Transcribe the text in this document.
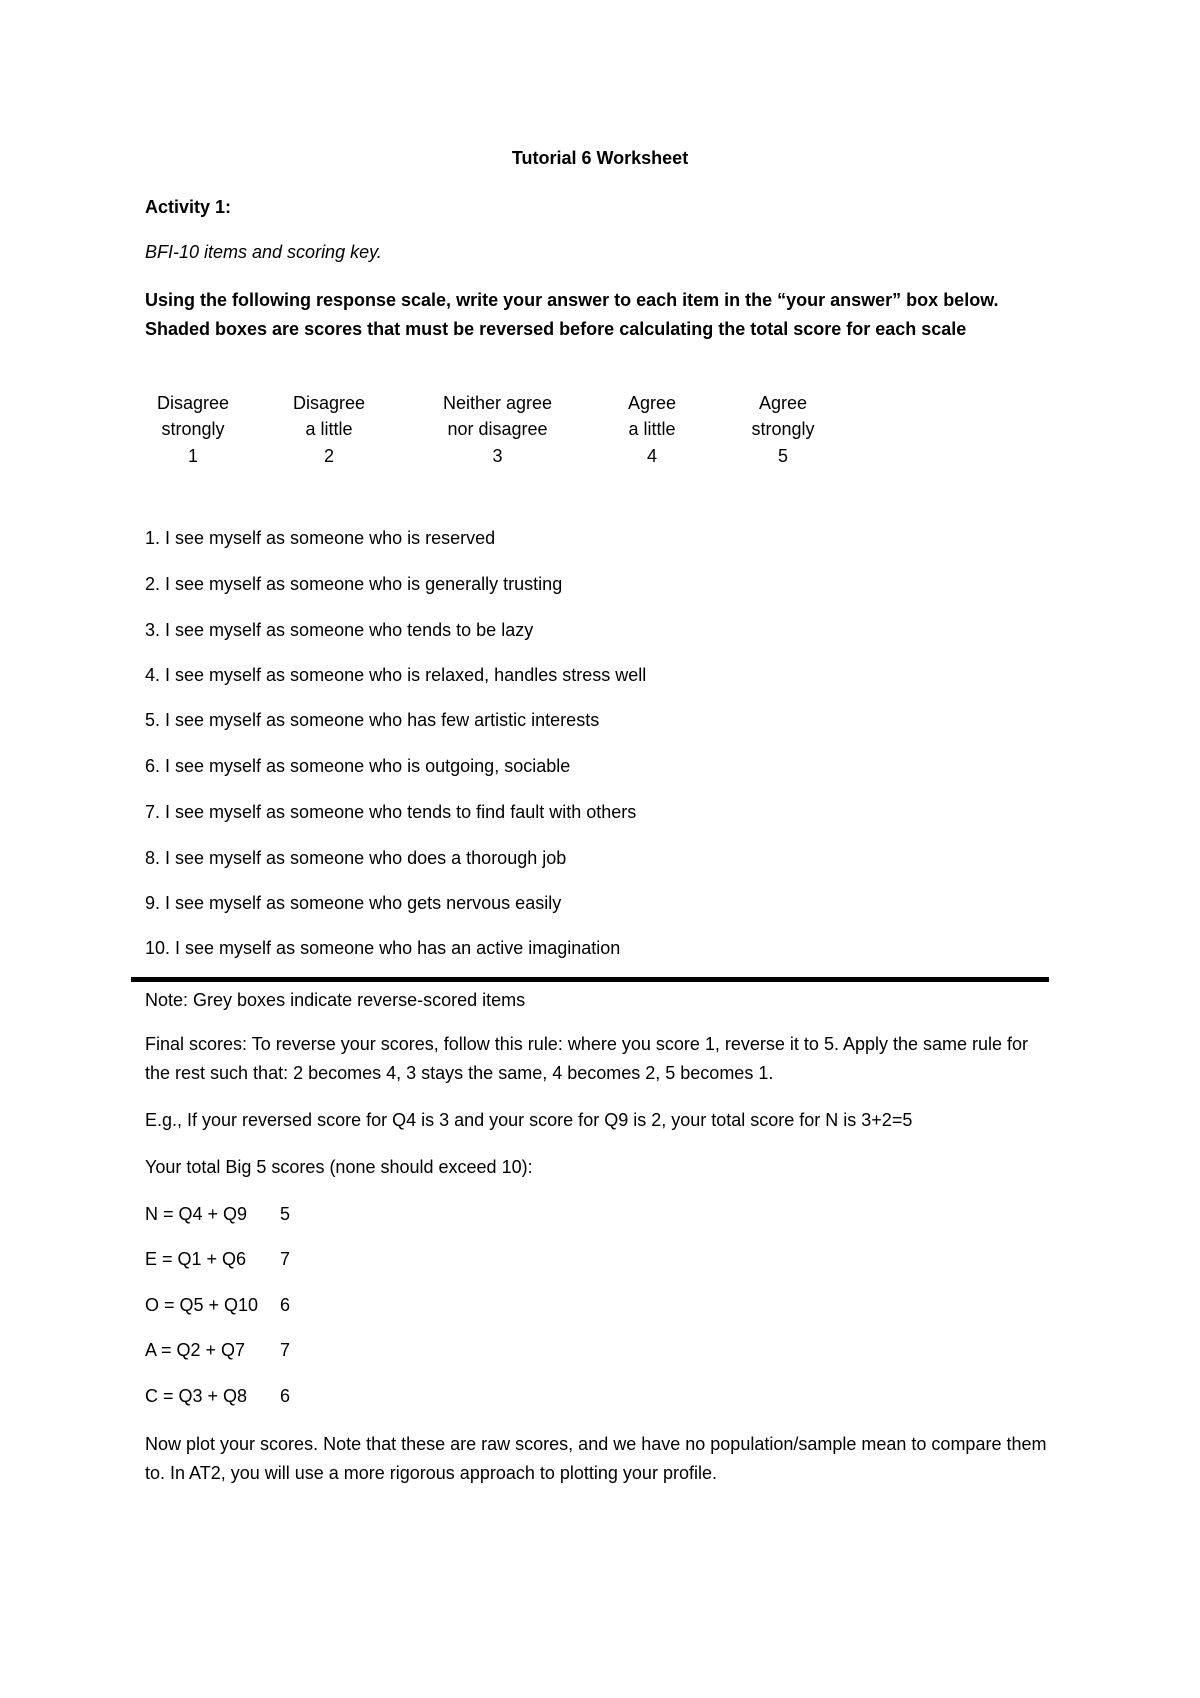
Tutorial 6 Worksheet
Activity 1:
BFI-10 items and scoring key.
Using the following response scale, write your answer to each item in the “your answer” box below. Shaded boxes are scores that must be reversed before calculating the total score for each scale
Disagree
strongly
1
Disagree
a little
2
Neither agree
nor disagree
3
Agree
a little
4
Agree
strongly
5
1. I see myself as someone who is reserved
2. I see myself as someone who is generally trusting
3. I see myself as someone who tends to be lazy
4. I see myself as someone who is relaxed, handles stress well
5. I see myself as someone who has few artistic interests
6. I see myself as someone who is outgoing, sociable
7. I see myself as someone who tends to find fault with others
8. I see myself as someone who does a thorough job
9. I see myself as someone who gets nervous easily
10. I see myself as someone who has an active imagination
Note: Grey boxes indicate reverse-scored items
Final scores: To reverse your scores, follow this rule: where you score 1, reverse it to 5. Apply the same rule for the rest such that: 2 becomes 4, 3 stays the same, 4 becomes 2, 5 becomes 1.
E.g., If your reversed score for Q4 is 3 and your score for Q9 is 2, your total score for N is 3+2=5
Your total Big 5 scores (none should exceed 10):
N = Q4 + Q9 5
E = Q1 + Q6 7
O = Q5 + Q10 6
A = Q2 + Q7 7
C = Q3 + Q8 6
Now plot your scores. Note that these are raw scores, and we have no population/sample mean to compare them to. In AT2, you will use a more rigorous approach to plotting your profile.
